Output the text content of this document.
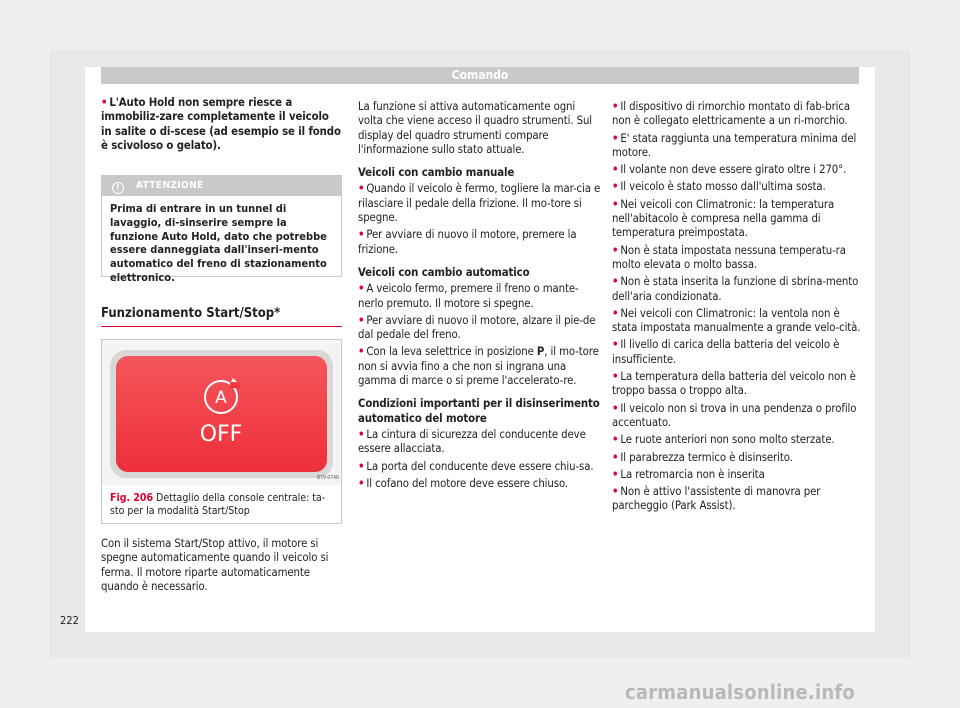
Comando

• L'Auto Hold non sempre riesce a immobiliz-zare completamente il veicolo in salite o di-scese (ad esempio se il fondo è scivoloso o gelato).

! ATTENZIONE
Prima di entrare in un tunnel di lavaggio, di-sinserire sempre la funzione Auto Hold, dato che potrebbe essere danneggiata dall'inseri-mento automatico del freno di stazionamento elettronico.
Funzionamento Start/Stop*
A
OFF
B7V-0748
Fig. 206 Dettaglio della console centrale: ta-sto per la modalità Start/Stop

Con il sistema Start/Stop attivo, il motore si spegne automaticamente quando il veicolo si ferma. Il motore riparte automaticamente quando è necessario.

La funzione si attiva automaticamente ogni volta che viene acceso il quadro strumenti. Sul display del quadro strumenti compare l'informazione sullo stato attuale.

Veicoli con cambio manuale

• Quando il veicolo è fermo, togliere la mar-cia e rilasciare il pedale della frizione. Il mo-tore si spegne.

• Per avviare di nuovo il motore, premere la frizione.

Veicoli con cambio automatico

• A veicolo fermo, premere il freno o mante-nerlo premuto. Il motore si spegne.

• Per avviare di nuovo il motore, alzare il pie-de dal pedale del freno.

• Con la leva selettrice in posizione P, il mo-tore non si avvia fino a che non si ingrana una gamma di marce o si preme l'accelerato-re.

Condizioni importanti per il disinserimento automatico del motore

• La cintura di sicurezza del conducente deve essere allacciata.

• La porta del conducente deve essere chiu-sa.

• Il cofano del motore deve essere chiuso.

• Il dispositivo di rimorchio montato di fab-brica non è collegato elettricamente a un ri-morchio.

• E' stata raggiunta una temperatura minima del motore.

• Il volante non deve essere girato oltre i 270°.

• Il veicolo è stato mosso dall'ultima sosta.

• Nei veicoli con Climatronic: la temperatura nell'abitacolo è compresa nella gamma di temperatura preimpostata.

• Non è stata impostata nessuna temperatu-ra molto elevata o molto bassa.

• Non è stata inserita la funzione di sbrina-mento dell'aria condizionata.

• Nei veicoli con Climatronic: la ventola non è stata impostata manualmente a grande velo-cità.

• Il livello di carica della batteria del veicolo è insufficiente.

• La temperatura della batteria del veicolo non è troppo bassa o troppo alta.

• Il veicolo non si trova in una pendenza o profilo accentuato.

• Le ruote anteriori non sono molto sterzate.

• Il parabrezza termico è disinserito.

• La retromarcia non è inserita

• Non è attivo l'assistente di manovra per parcheggio (Park Assist).

222
carmanualsonline.info
